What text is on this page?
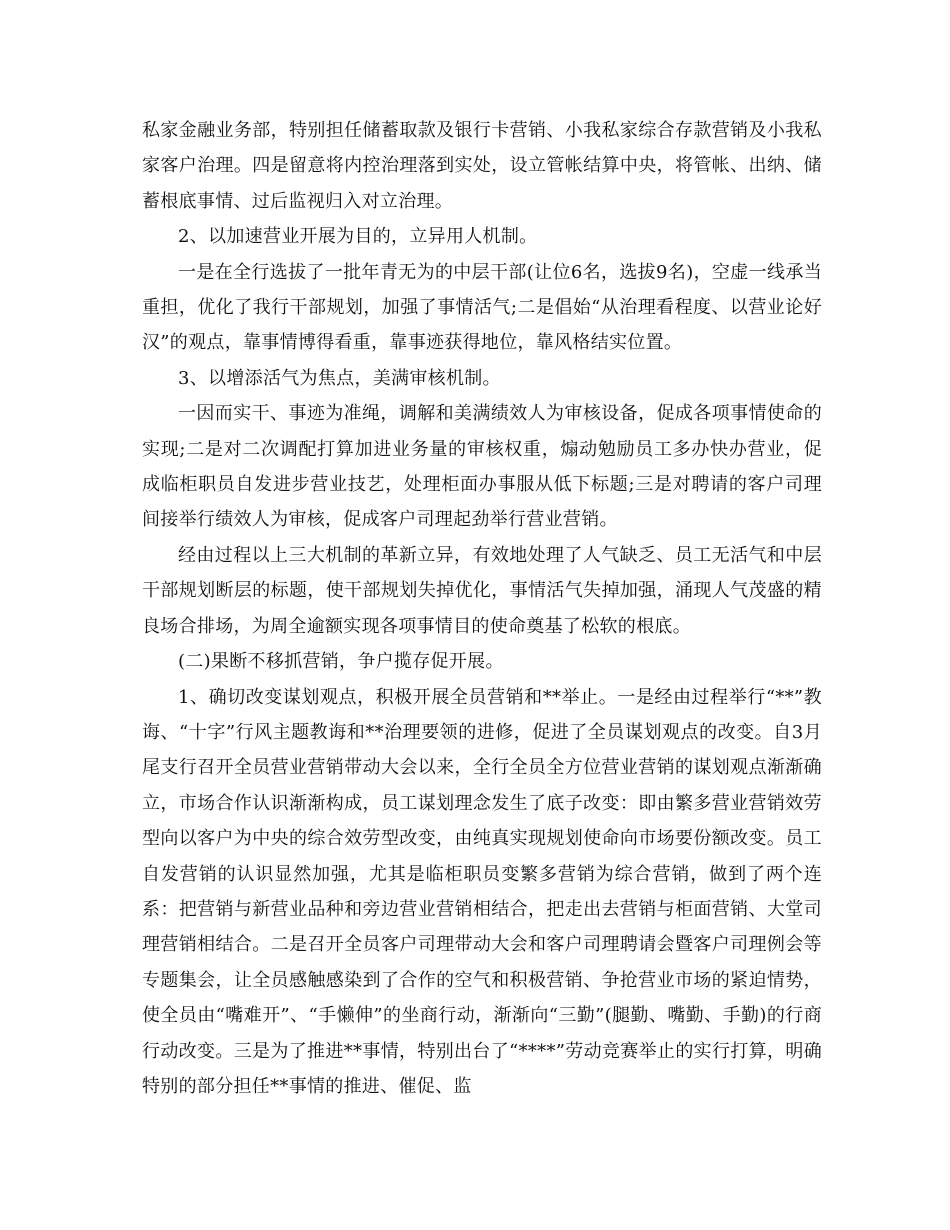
私家金融业务部，特别担任储蓄取款及银行卡营销、小我私家综合存款营销及小我私家客户治理。四是留意将内控治理落到实处，设立管帐结算中央，将管帐、出纳、储蓄根底事情、过后监视归入对立治理。

2、以加速营业开展为目的，立异用人机制。

一是在全行选拔了一批年青无为的中层干部(让位6名，选拔9名)，空虚一线承当重担，优化了我行干部规划，加强了事情活气;二是倡始“从治理看程度、以营业论好汉”的观点，靠事情博得看重，靠事迹获得地位，靠风格结实位置。

3、以增添活气为焦点，美满审核机制。

一因而实干、事迹为准绳，调解和美满绩效人为审核设备，促成各项事情使命的实现;二是对二次调配打算加进业务量的审核权重，煽动勉励员工多办快办营业，促成临柜职员自发进步营业技艺，处理柜面办事服从低下标题;三是对聘请的客户司理间接举行绩效人为审核，促成客户司理起劲举行营业营销。

经由过程以上三大机制的革新立异，有效地处理了人气缺乏、员工无活气和中层干部规划断层的标题，使干部规划失掉优化，事情活气失掉加强，涌现人气茂盛的精良场合排场，为周全逾额实现各项事情目的使命奠基了松软的根底。

(二)果断不移抓营销，争户揽存促开展。

1、确切改变谋划观点，积极开展全员营销和**举止。一是经由过程举行“**”教诲、“十字”行风主题教诲和**治理要领的进修，促进了全员谋划观点的改变。自3月尾支行召开全员营业营销带动大会以来，全行全员全方位营业营销的谋划观点渐渐确立，市场合作认识渐渐构成，员工谋划理念发生了底子改变：即由繁多营业营销效劳型向以客户为中央的综合效劳型改变，由纯真实现规划使命向市场要份额改变。员工自发营销的认识显然加强，尤其是临柜职员变繁多营销为综合营销，做到了两个连系：把营销与新营业品种和旁边营业营销相结合，把走出去营销与柜面营销、大堂司理营销相结合。二是召开全员客户司理带动大会和客户司理聘请会暨客户司理例会等专题集会，让全员感触感染到了合作的空气和积极营销、争抢营业市场的紧迫情势，使全员由“嘴难开”、“手懒伸”的坐商行动，渐渐向“三勤”(腿勤、嘴勤、手勤)的行商行动改变。三是为了推进**事情，特别出台了“****”劳动竞赛举止的实行打算，明确特别的部分担任**事情的推进、催促、监
